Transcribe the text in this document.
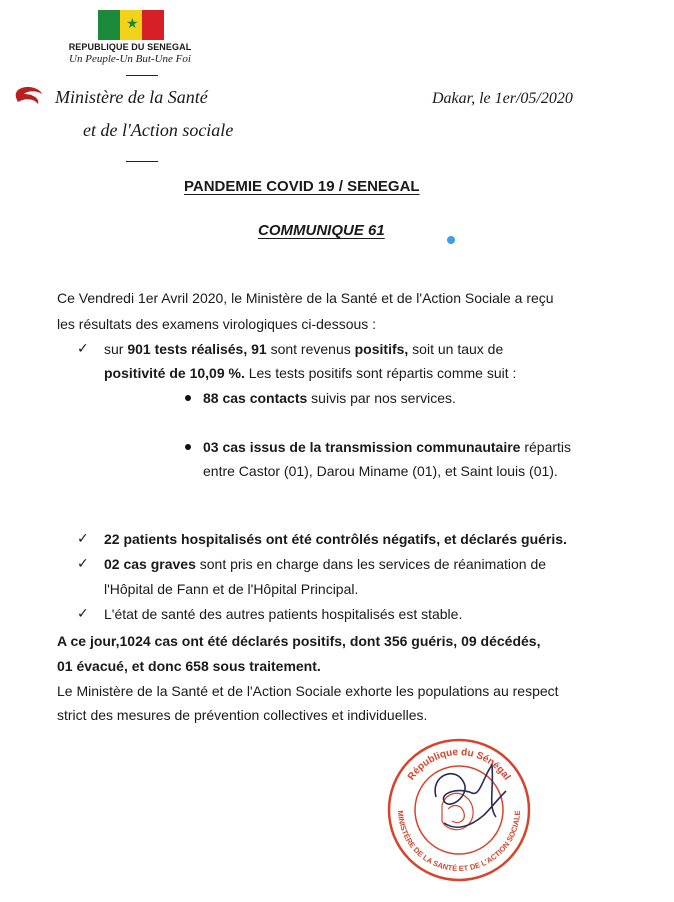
★
REPUBLIQUE DU SENEGAL
Un Peuple-Un But-Une Foi
Ministère de la Santé
et de l'Action sociale
Dakar, le 1er/05/2020
PANDEMIE COVID 19 / SENEGAL
COMMUNIQUE 61
Ce Vendredi 1er Avril 2020, le Ministère de la Santé et de l'Action Sociale a reçu
les résultats des examens virologiques ci-dessous :
✓ sur 901 tests réalisés, 91 sont revenus positifs, soit un taux de
positivité de 10,09 %. Les tests positifs sont répartis comme suit :
88 cas contacts suivis par nos services.
03 cas issus de la transmission communautaire répartis
entre Castor (01), Darou Miname (01), et Saint louis (01).
✓ 22 patients hospitalisés ont été contrôlés négatifs, et déclarés guéris.
✓ 02 cas graves sont pris en charge dans les services de réanimation de
l'Hôpital de Fann et de l'Hôpital Principal.
✓ L'état de santé des autres patients hospitalisés est stable.
A ce jour,1024 cas ont été déclarés positifs, dont 356 guéris, 09 décédés,
01 évacué, et donc 658 sous traitement.
Le Ministère de la Santé et de l'Action Sociale exhorte les populations au respect
strict des mesures de prévention collectives et individuelles.
République du Sénégal
MINISTÈRE DE LA SANTÉ ET DE L'ACTION SOCIALE
